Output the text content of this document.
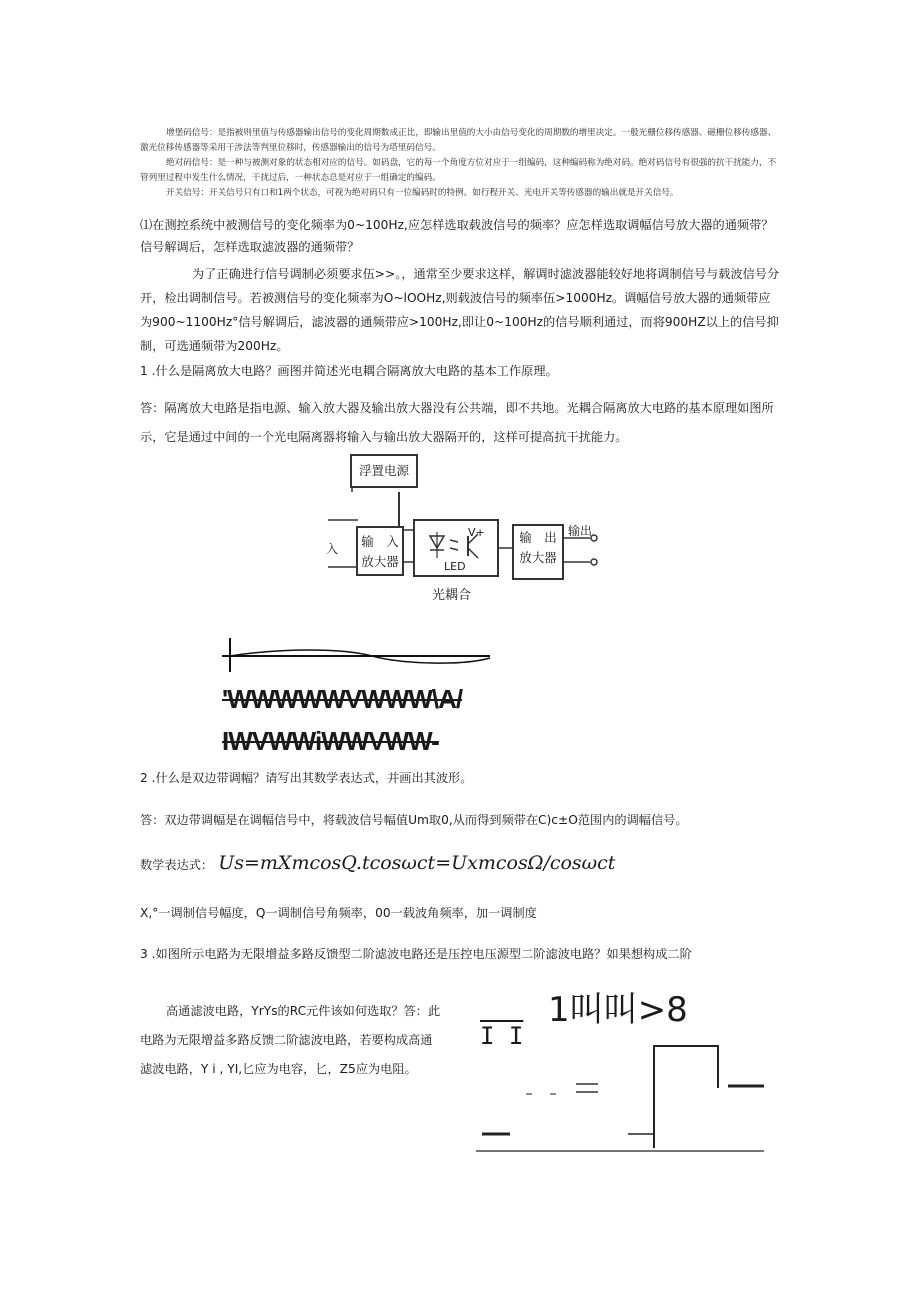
增堡码信号：是指被则里值与传感器输出信号的变化周期数成正比，即输出里值的大小由信号变化的周期数的增里决定。一般光栅位移传感器、磁栅位移传感器、激光位移传感器等采用干涉法等判里位移时，传感器输出的信号为塔里码信号。

绝对码信号：是一种与被测对象的状态相对应的信号。如码盘，它的每一个角度方位对应于一组编码，这种编码称为绝对码。绝对码信号有很强的抗干扰能力，不管列里过程中发生什么情况，干扰过后，一种状态总是对应于一组确定的编码。

开关信号：开关信号只有口和1两个状态，可视为绝对码只有一位编码时的特例。如行程开关、光电开关等传感器的输出就是开关信号。

⑴在测控系统中被测信号的变化频率为0~100Hz,应怎样选取载波信号的频率？应怎样选取调幅信号放大器的通频带？信号解调后，怎样选取滤波器的通频带？

为了正确进行信号调制必须要求伍>>。，通常至少要求这样，解调时滤波器能较好地将调制信号与载波信号分开，检出调制信号。若被测信号的变化频率为O~lOOHz,则载波信号的频率伍>1000Hz。调幅信号放大器的通频带应为900~1100Hz°信号解调后，滤波器的通频带应>100Hz,即让0~100Hz的信号顺利通过，而将900HZ以上的信号抑制，可选通频带为200Hz。

1 .什么是隔离放大电路？画图并简述光电耦合隔离放大电路的基本工作原理。

答：隔离放大电路是指电源、输入放大器及输出放大器没有公共端，即不共地。光耦合隔离放大电路的基本原理如图所示，它是通过中间的一个光电隔离器将输入与输出放大器隔开的，这样可提高抗干扰能力。

浮置电源
输　入
放大器
入
V+
LED
输　出
放大器
输出
光耦合
'WWWWWVWWW\A/
IWVWWiWWVWW-

2 .什么是双边带调幅？请写出其数学表达式，并画出其波形。

答：双边带调幅是在调幅信号中，将载波信号幅值Um取0,从而得到频带在C)c±O范围内的调幅信号。

数学表达式： Us=mXmcosQ.tcosωct=UxmcosΩ/cosωct

X,°一调制信号幅度，Q一调制信号角频率，00一载波角频率，加一调制度

3 .如图所示电路为无限增益多路反馈型二阶滤波电路还是压控电压源型二阶滤波电路？如果想构成二阶

高通滤波电路，YrYs的RC元件该如何选取？答：此

电路为无限增益多路反馈二阶滤波电路，若要构成高通

滤波电路，Y i , YI,匕应为电容，匕，Z5应为电阻。

1叫叫>8
I I
